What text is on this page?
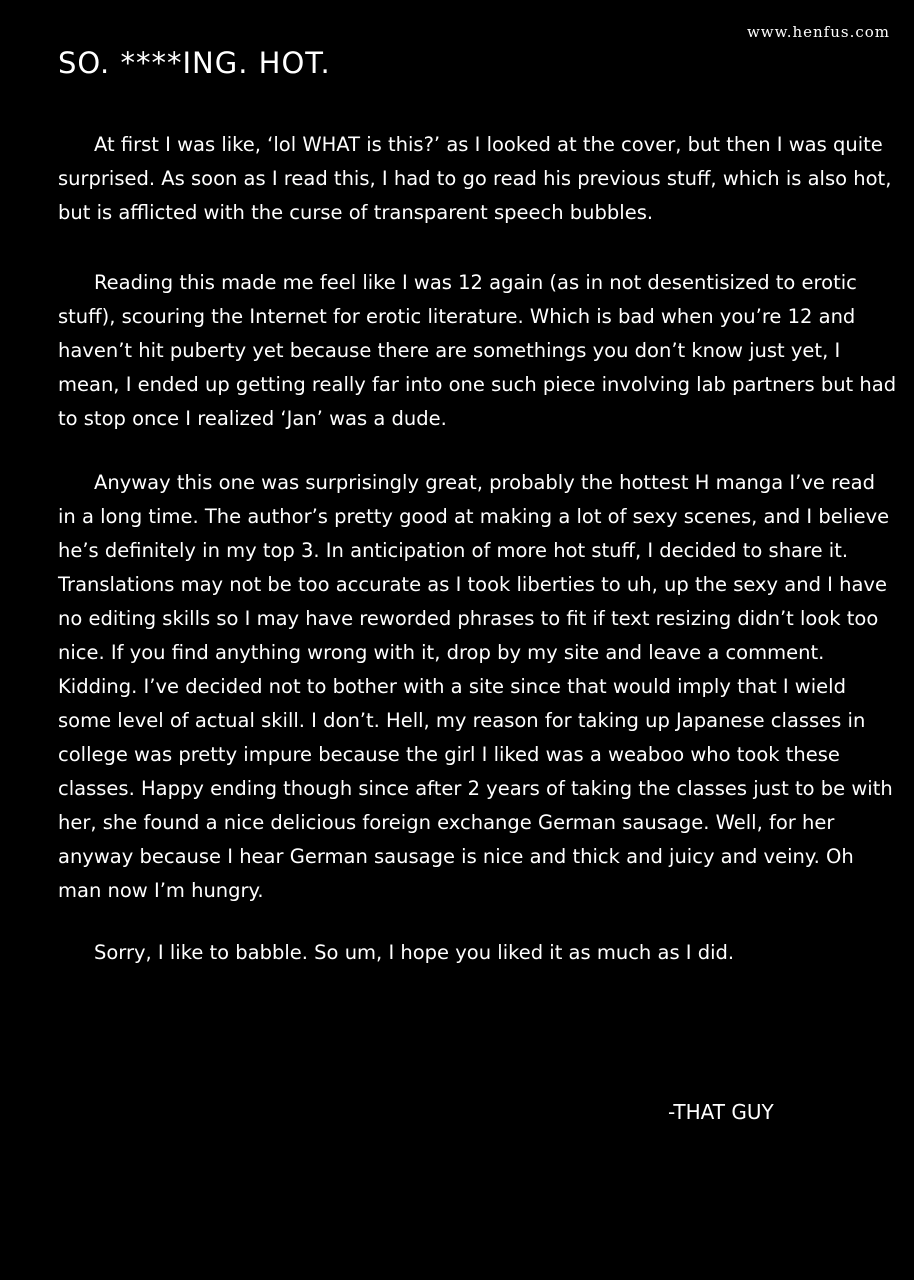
www.henfus.com
SO. ****ING. HOT.

At first I was like, ‘lol WHAT is this?’ as I looked at the cover, but then I was quite surprised. As soon as I read this, I had to go read his previous stuff, which is also hot, but is afflicted with the curse of transparent speech bubbles.

Reading this made me feel like I was 12 again (as in not desentisized to erotic stuff), scouring the Internet for erotic literature. Which is bad when you’re 12 and haven’t hit puberty yet because there are somethings you don’t know just yet, I mean, I ended up getting really far into one such piece involving lab partners but had to stop once I realized ‘Jan’ was a dude.

Anyway this one was surprisingly great, probably the hottest H manga I’ve read in a long time. The author’s pretty good at making a lot of sexy scenes, and I believe he’s definitely in my top 3. In anticipation of more hot stuff, I decided to share it. Translations may not be too accurate as I took liberties to uh, up the sexy and I have no editing skills so I may have reworded phrases to fit if text resizing didn’t look too nice. If you find anything wrong with it, drop by my site and leave a comment. Kidding. I’ve decided not to bother with a site since that would imply that I wield some level of actual skill. I don’t. Hell, my reason for taking up Japanese classes in college was pretty impure because the girl I liked was a weaboo who took these classes. Happy ending though since after 2 years of taking the classes just to be with her, she found a nice delicious foreign exchange German sausage. Well, for her anyway because I hear German sausage is nice and thick and juicy and veiny. Oh man now I’m hungry.

Sorry, I like to babble. So um, I hope you liked it as much as I did.

-THAT GUY
